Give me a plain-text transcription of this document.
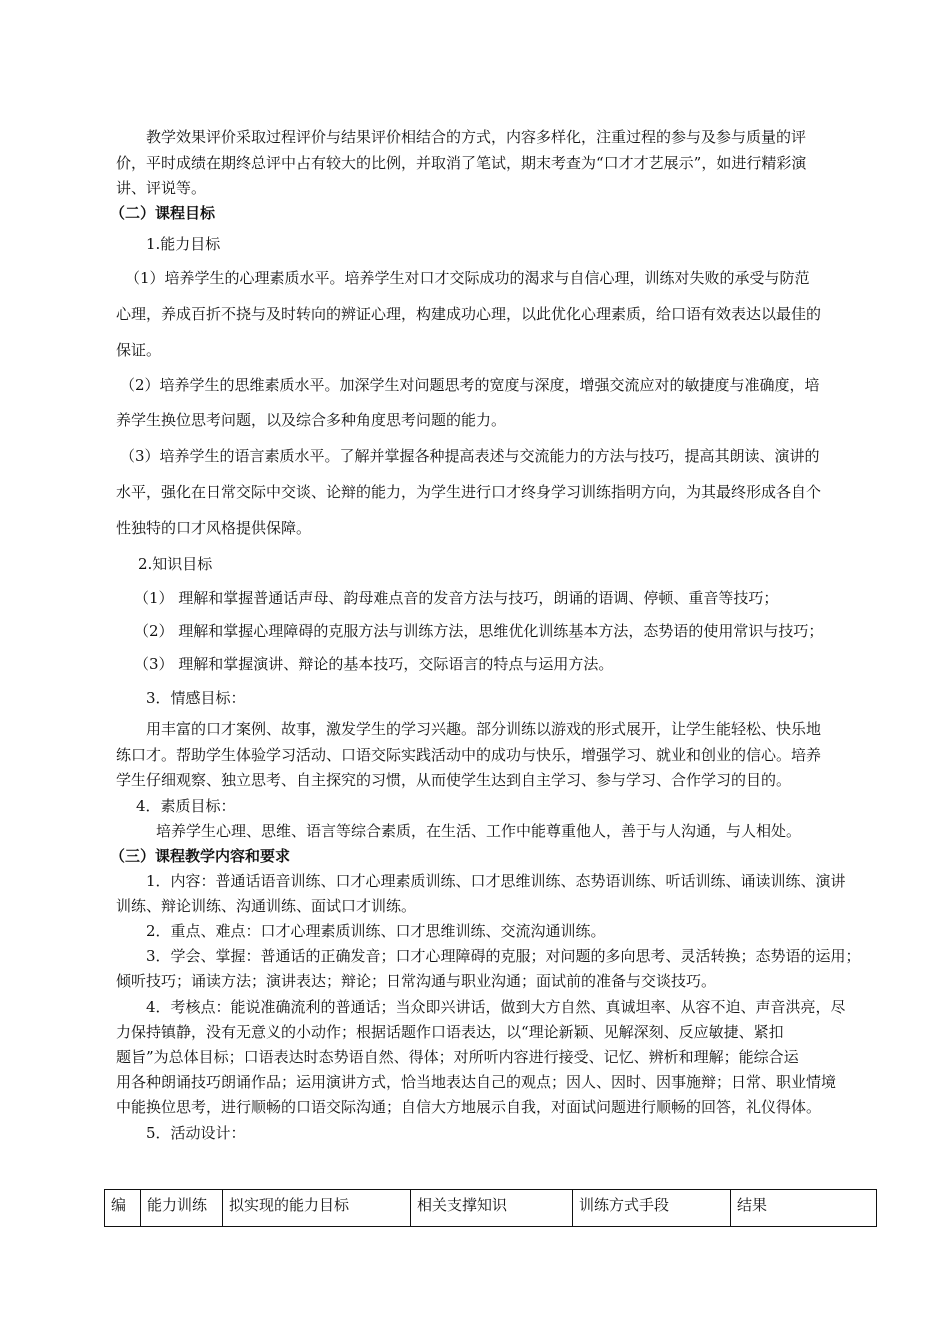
教学效果评价采取过程评价与结果评价相结合的方式，内容多样化，注重过程的参与及参与质量的评
价，平时成绩在期终总评中占有较大的比例，并取消了笔试，期末考查为“口才才艺展示”，如进行精彩演
讲、评说等。
（二）课程目标
1.能力目标
（1）培养学生的心理素质水平。培养学生对口才交际成功的渴求与自信心理，训练对失败的承受与防范
心理，养成百折不挠与及时转向的辨证心理，构建成功心理，以此优化心理素质，给口语有效表达以最佳的
保证。
（2）培养学生的思维素质水平。加深学生对问题思考的宽度与深度，增强交流应对的敏捷度与准确度，培
养学生换位思考问题，以及综合多种角度思考问题的能力。
（3）培养学生的语言素质水平。了解并掌握各种提高表述与交流能力的方法与技巧，提高其朗读、演讲的
水平，强化在日常交际中交谈、论辩的能力，为学生进行口才终身学习训练指明方向，为其最终形成各自个
性独特的口才风格提供保障。
2.知识目标
（1） 理解和掌握普通话声母、韵母难点音的发音方法与技巧，朗诵的语调、停顿、重音等技巧；
（2） 理解和掌握心理障碍的克服方法与训练方法，思维优化训练基本方法，态势语的使用常识与技巧；
（3） 理解和掌握演讲、辩论的基本技巧，交际语言的特点与运用方法。
3．情感目标：
用丰富的口才案例、故事，激发学生的学习兴趣。部分训练以游戏的形式展开，让学生能轻松、快乐地
练口才。帮助学生体验学习活动、口语交际实践活动中的成功与快乐，增强学习、就业和创业的信心。培养
学生仔细观察、独立思考、自主探究的习惯，从而使学生达到自主学习、参与学习、合作学习的目的。
4．素质目标：
培养学生心理、思维、语言等综合素质，在生活、工作中能尊重他人，善于与人沟通，与人相处。
（三）课程教学内容和要求
1．内容：普通话语音训练、口才心理素质训练、口才思维训练、态势语训练、听话训练、诵读训练、演讲
训练、辩论训练、沟通训练、面试口才训练。
2．重点、难点：口才心理素质训练、口才思维训练、交流沟通训练。
3．学会、掌握：普通话的正确发音；口才心理障碍的克服；对问题的多向思考、灵活转换；态势语的运用；
倾听技巧；诵读方法；演讲表达；辩论；日常沟通与职业沟通；面试前的准备与交谈技巧。
4．考核点：能说准确流利的普通话；当众即兴讲话，做到大方自然、真诚坦率、从容不迫、声音洪亮，尽
力保持镇静，没有无意义的小动作；根据话题作口语表达，以“理论新颖、见解深刻、反应敏捷、紧扣
题旨”为总体目标；口语表达时态势语自然、得体；对所听内容进行接受、记忆、辨析和理解；能综合运
用各种朗诵技巧朗诵作品；运用演讲方式，恰当地表达自己的观点；因人、因时、因事施辩；日常、职业情境
中能换位思考，进行顺畅的口语交际沟通；自信大方地展示自我，对面试问题进行顺畅的回答，礼仪得体。
5．活动设计：
编	能力训练	拟实现的能力目标	相关支撑知识	训练方式手段	结果
